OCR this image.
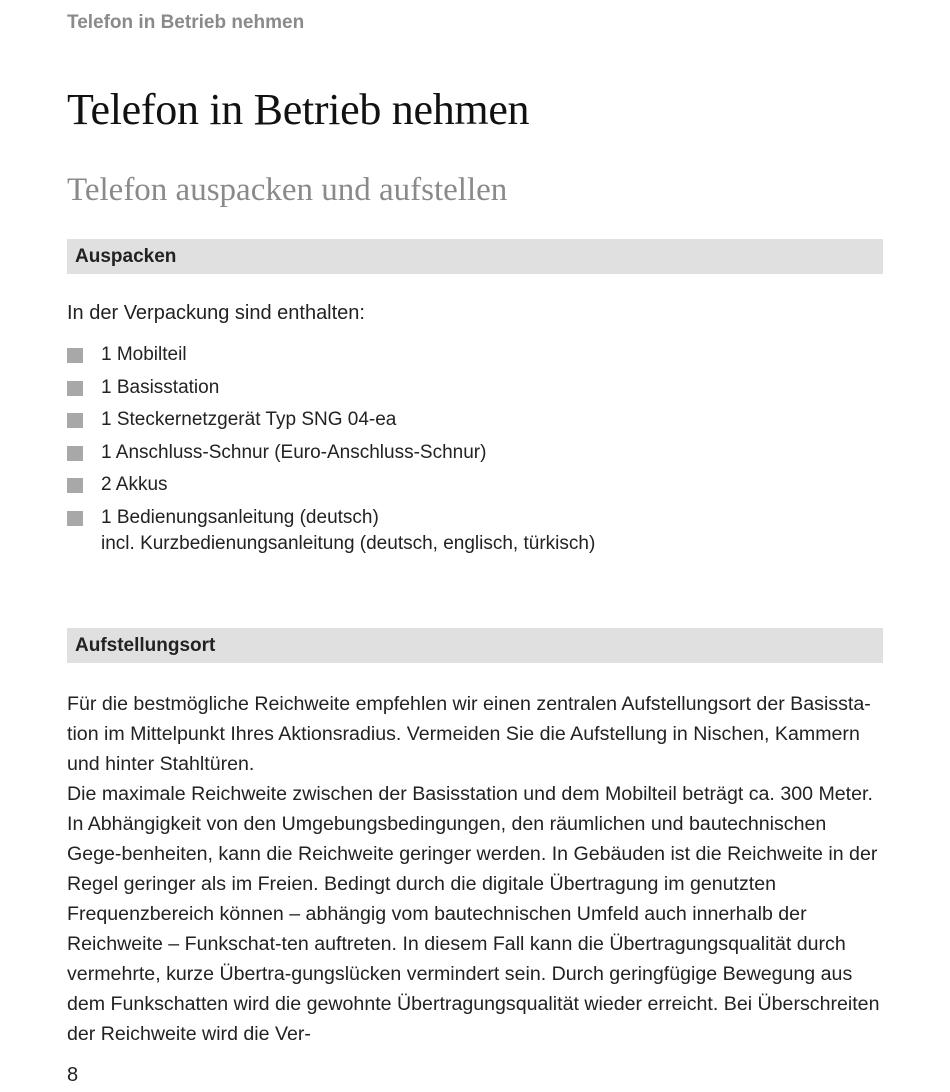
Telefon in Betrieb nehmen
Telefon in Betrieb nehmen
Telefon auspacken und aufstellen
Auspacken
In der Verpackung sind enthalten:
1 Mobilteil
1 Basisstation
1 Steckernetzgerät Typ SNG 04-ea
1 Anschluss-Schnur (Euro-Anschluss-Schnur)
2 Akkus
1 Bedienungsanleitung (deutsch)
incl. Kurzbedienungsanleitung (deutsch, englisch, türkisch)
Aufstellungsort
Für die bestmögliche Reichweite empfehlen wir einen zentralen Aufstellungsort der Basissta-tion im Mittelpunkt Ihres Aktionsradius. Vermeiden Sie die Aufstellung in Nischen, Kammern und hinter Stahltüren.
Die maximale Reichweite zwischen der Basisstation und dem Mobilteil beträgt ca. 300 Meter. In Abhängigkeit von den Umgebungsbedingungen, den räumlichen und bautechnischen Gege-benheiten, kann die Reichweite geringer werden. In Gebäuden ist die Reichweite in der Regel geringer als im Freien. Bedingt durch die digitale Übertragung im genutzten Frequenzbereich können – abhängig vom bautechnischen Umfeld auch innerhalb der Reichweite – Funkschat-ten auftreten. In diesem Fall kann die Übertragungsqualität durch vermehrte, kurze Übertra-gungslücken vermindert sein. Durch geringfügige Bewegung aus dem Funkschatten wird die gewohnte Übertragungsqualität wieder erreicht. Bei Überschreiten der Reichweite wird die Ver-
8
